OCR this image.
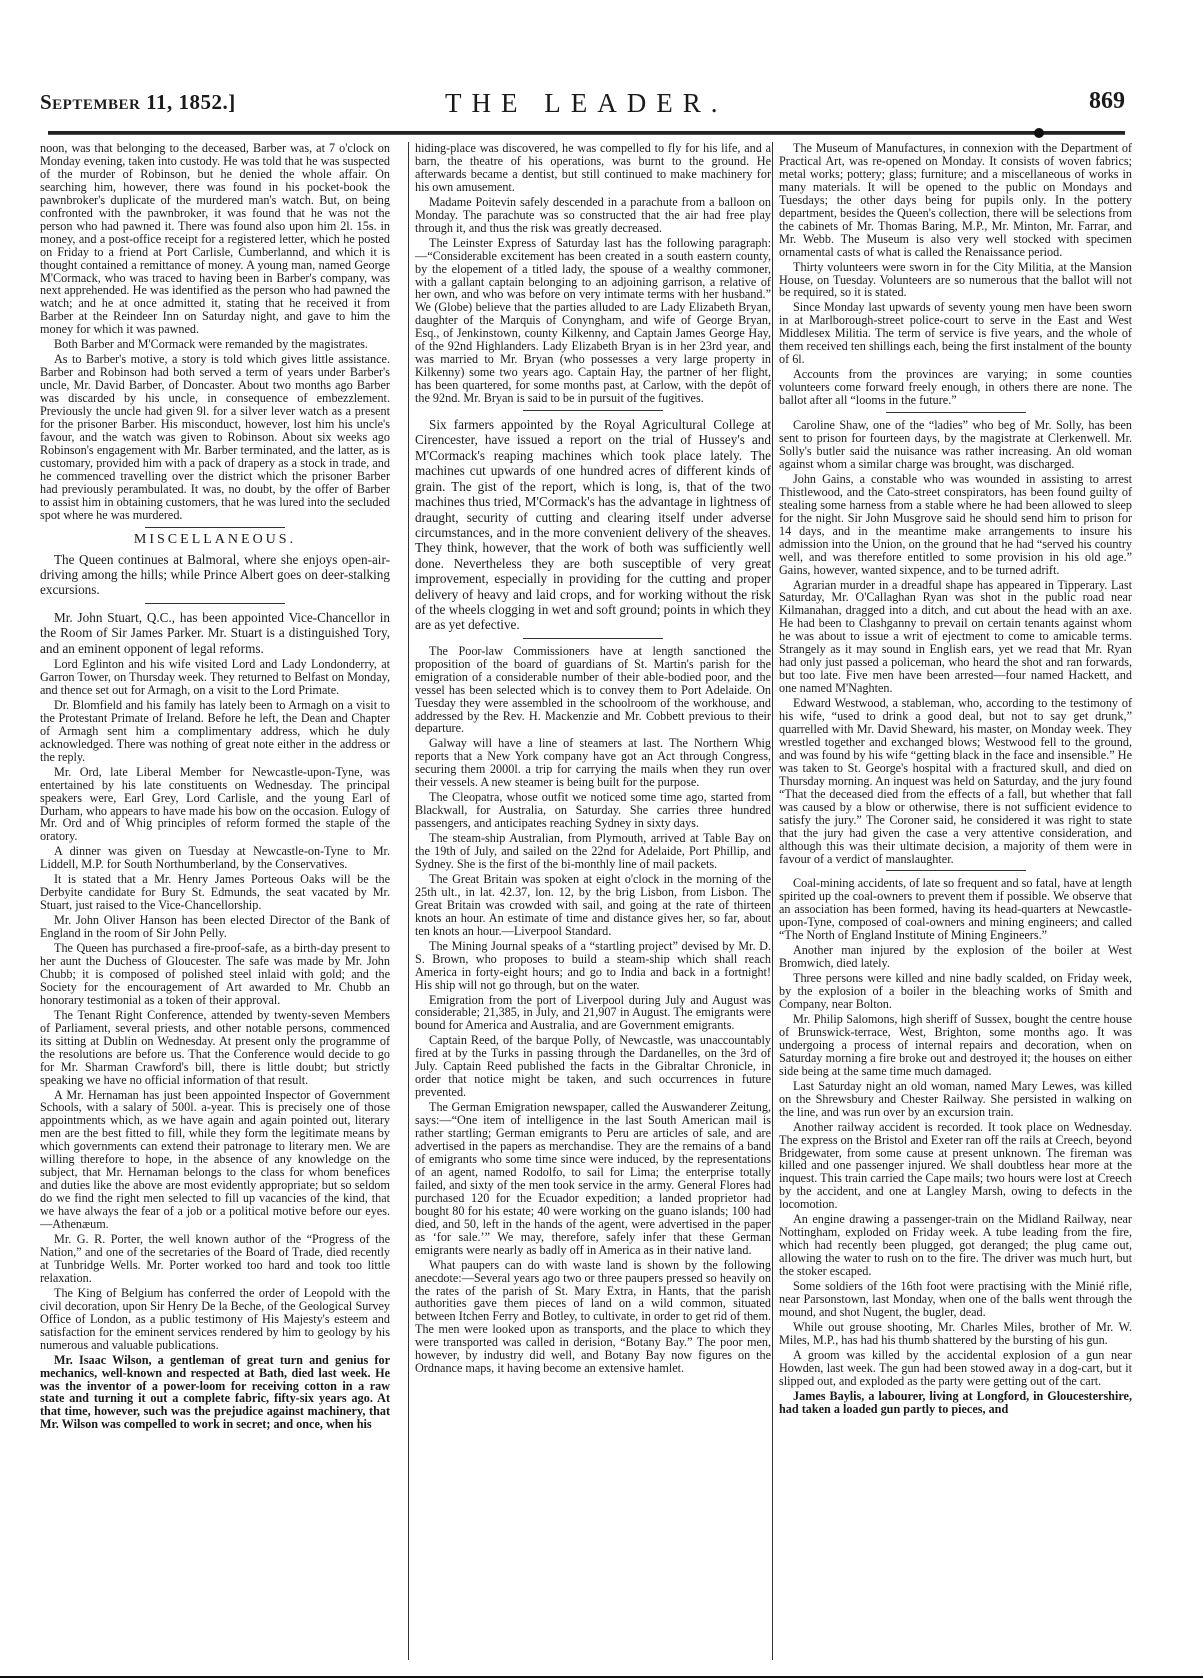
September 11, 1852.]	THE LEADER.	869

noon, was that belonging to the deceased, Barber was, at 7 o'clock on Monday evening, taken into custody. He was told that he was suspected of the murder of Robinson, but he denied the whole affair. On searching him, however, there was found in his pocket-book the pawnbroker's duplicate of the murdered man's watch. But, on being confronted with the pawnbroker, it was found that he was not the person who had pawned it. There was found also upon him 2l. 15s. in money, and a post-office receipt for a registered letter, which he posted on Friday to a friend at Port Carlisle, Cumberlannd, and which it is thought contained a remittance of money. A young man, named George M'Cormack, who was traced to having been in Barber's company, was next apprehended. He was identified as the person who had pawned the watch; and he at once admitted it, stating that he received it from Barber at the Reindeer Inn on Saturday night, and gave to him the money for which it was pawned.

Both Barber and M'Cormack were remanded by the magistrates.

As to Barber's motive, a story is told which gives little assistance. Barber and Robinson had both served a term of years under Barber's uncle, Mr. David Barber, of Doncaster. About two months ago Barber was discarded by his uncle, in consequence of embezzlement. Previously the uncle had given 9l. for a silver lever watch as a present for the prisoner Barber. His misconduct, however, lost him his uncle's favour, and the watch was given to Robinson. About six weeks ago Robinson's engagement with Mr. Barber terminated, and the latter, as is customary, provided him with a pack of drapery as a stock in trade, and he commenced travelling over the district which the prisoner Barber had previously perambulated. It was, no doubt, by the offer of Barber to assist him in obtaining customers, that he was lured into the secluded spot where he was murdered.

MISCELLANEOUS.

The Queen continues at Balmoral, where she enjoys open-air-driving among the hills; while Prince Albert goes on deer-stalking excursions.

Mr. John Stuart, Q.C., has been appointed Vice-Chancellor in the Room of Sir James Parker. Mr. Stuart is a distinguished Tory, and an eminent opponent of legal reforms.

Lord Eglinton and his wife visited Lord and Lady Londonderry, at Garron Tower, on Thursday week. They returned to Belfast on Monday, and thence set out for Armagh, on a visit to the Lord Primate.

Dr. Blomfield and his family has lately been to Armagh on a visit to the Protestant Primate of Ireland. Before he left, the Dean and Chapter of Armagh sent him a complimentary address, which he duly acknowledged. There was nothing of great note either in the address or the reply.

Mr. Ord, late Liberal Member for Newcastle-upon-Tyne, was entertained by his late constituents on Wednesday. The principal speakers were, Earl Grey, Lord Carlisle, and the young Earl of Durham, who appears to have made his bow on the occasion. Eulogy of Mr. Ord and of Whig principles of reform formed the staple of the oratory.

A dinner was given on Tuesday at Newcastle-on-Tyne to Mr. Liddell, M.P. for South Northumberland, by the Conservatives.

It is stated that a Mr. Henry James Porteous Oaks will be the Derbyite candidate for Bury St. Edmunds, the seat vacated by Mr. Stuart, just raised to the Vice-Chancellorship.

Mr. John Oliver Hanson has been elected Director of the Bank of England in the room of Sir John Pelly.

The Queen has purchased a fire-proof-safe, as a birth-day present to her aunt the Duchess of Gloucester. The safe was made by Mr. John Chubb; it is composed of polished steel inlaid with gold; and the Society for the encouragement of Art awarded to Mr. Chubb an honorary testimonial as a token of their approval.

The Tenant Right Conference, attended by twenty-seven Members of Parliament, several priests, and other notable persons, commenced its sitting at Dublin on Wednesday. At present only the programme of the resolutions are before us. That the Conference would decide to go for Mr. Sharman Crawford's bill, there is little doubt; but strictly speaking we have no official information of that result.

A Mr. Hernaman has just been appointed Inspector of Government Schools, with a salary of 500l. a-year. This is precisely one of those appointments which, as we have again and again pointed out, literary men are the best fitted to fill, while they form the legitimate means by which governments can extend their patronage to literary men. We are willing therefore to hope, in the absence of any knowledge on the subject, that Mr. Hernaman belongs to the class for whom benefices and duties like the above are most evidently appropriate; but so seldom do we find the right men selected to fill up vacancies of the kind, that we have always the fear of a job or a political motive before our eyes.—Athenæum.

Mr. G. R. Porter, the well known author of the “Progress of the Nation,” and one of the secretaries of the Board of Trade, died recently at Tunbridge Wells. Mr. Porter worked too hard and took too little relaxation.

The King of Belgium has conferred the order of Leopold with the civil decoration, upon Sir Henry De la Beche, of the Geological Survey Office of London, as a public testimony of His Majesty's esteem and satisfaction for the eminent services rendered by him to geology by his numerous and valuable publications.

Mr. Isaac Wilson, a gentleman of great turn and genius for mechanics, well-known and respected at Bath, died last week. He was the inventor of a power-loom for receiving cotton in a raw state and turning it out a complete fabric, fifty-six years ago. At that time, however, such was the prejudice against machinery, that Mr. Wilson was compelled to work in secret; and once, when his

hiding-place was discovered, he was compelled to fly for his life, and a barn, the theatre of his operations, was burnt to the ground. He afterwards became a dentist, but still continued to make machinery for his own amusement.

Madame Poitevin safely descended in a parachute from a balloon on Monday. The parachute was so constructed that the air had free play through it, and thus the risk was greatly decreased.

The Leinster Express of Saturday last has the following paragraph:—“Considerable excitement has been created in a south eastern county, by the elopement of a titled lady, the spouse of a wealthy commoner, with a gallant captain belonging to an adjoining garrison, a relative of her own, and who was before on very intimate terms with her husband.” We (Globe) believe that the parties alluded to are Lady Elizabeth Bryan, daughter of the Marquis of Conyngham, and wife of George Bryan, Esq., of Jenkinstown, county Kilkenny, and Captain James George Hay, of the 92nd Highlanders. Lady Elizabeth Bryan is in her 23rd year, and was married to Mr. Bryan (who possesses a very large property in Kilkenny) some two years ago. Captain Hay, the partner of her flight, has been quartered, for some months past, at Carlow, with the depôt of the 92nd. Mr. Bryan is said to be in pursuit of the fugitives.

Six farmers appointed by the Royal Agricultural College at Cirencester, have issued a report on the trial of Hussey's and M'Cormack's reaping machines which took place lately. The machines cut upwards of one hundred acres of different kinds of grain. The gist of the report, which is long, is, that of the two machines thus tried, M'Cormack's has the advantage in lightness of draught, security of cutting and clearing itself under adverse circumstances, and in the more convenient delivery of the sheaves. They think, however, that the work of both was sufficiently well done. Nevertheless they are both susceptible of very great improvement, especially in providing for the cutting and proper delivery of heavy and laid crops, and for working without the risk of the wheels clogging in wet and soft ground; points in which they are as yet defective.

The Poor-law Commissioners have at length sanctioned the proposition of the board of guardians of St. Martin's parish for the emigration of a considerable number of their able-bodied poor, and the vessel has been selected which is to convey them to Port Adelaide. On Tuesday they were assembled in the schoolroom of the workhouse, and addressed by the Rev. H. Mackenzie and Mr. Cobbett previous to their departure.

Galway will have a line of steamers at last. The Northern Whig reports that a New York company have got an Act through Congress, securing them 2000l. a trip for carrying the mails when they run over their vessels. A new steamer is being built for the purpose.

The Cleopatra, whose outfit we noticed some time ago, started from Blackwall, for Australia, on Saturday. She carries three hundred passengers, and anticipates reaching Sydney in sixty days.

The steam-ship Australian, from Plymouth, arrived at Table Bay on the 19th of July, and sailed on the 22nd for Adelaide, Port Phillip, and Sydney. She is the first of the bi-monthly line of mail packets.

The Great Britain was spoken at eight o'clock in the morning of the 25th ult., in lat. 42.37, lon. 12, by the brig Lisbon, from Lisbon. The Great Britain was crowded with sail, and going at the rate of thirteen knots an hour. An estimate of time and distance gives her, so far, about ten knots an hour.—Liverpool Standard.

The Mining Journal speaks of a “startling project” devised by Mr. D. S. Brown, who proposes to build a steam-ship which shall reach America in forty-eight hours; and go to India and back in a fortnight! His ship will not go through, but on the water.

Emigration from the port of Liverpool during July and August was considerable; 21,385, in July, and 21,907 in August. The emigrants were bound for America and Australia, and are Government emigrants.

Captain Reed, of the barque Polly, of Newcastle, was unaccountably fired at by the Turks in passing through the Dardanelles, on the 3rd of July. Captain Reed published the facts in the Gibraltar Chronicle, in order that notice might be taken, and such occurrences in future prevented.

The German Emigration newspaper, called the Auswanderer Zeitung, says:—“One item of intelligence in the last South American mail is rather startling; German emigrants to Peru are articles of sale, and are advertised in the papers as merchandise. They are the remains of a band of emigrants who some time since were induced, by the representations of an agent, named Rodolfo, to sail for Lima; the enterprise totally failed, and sixty of the men took service in the army. General Flores had purchased 120 for the Ecuador expedition; a landed proprietor had bought 80 for his estate; 40 were working on the guano islands; 100 had died, and 50, left in the hands of the agent, were advertised in the paper as ‘for sale.’” We may, therefore, safely infer that these German emigrants were nearly as badly off in America as in their native land.

What paupers can do with waste land is shown by the following anecdote:—Several years ago two or three paupers pressed so heavily on the rates of the parish of St. Mary Extra, in Hants, that the parish authorities gave them pieces of land on a wild common, situated between Itchen Ferry and Botley, to cultivate, in order to get rid of them. The men were looked upon as transports, and the place to which they were transported was called in derision, “Botany Bay.” The poor men, however, by industry did well, and Botany Bay now figures on the Ordnance maps, it having become an extensive hamlet.

The Museum of Manufactures, in connexion with the Department of Practical Art, was re-opened on Monday. It consists of woven fabrics; metal works; pottery; glass; furniture; and a miscellaneous of works in many materials. It will be opened to the public on Mondays and Tuesdays; the other days being for pupils only. In the pottery department, besides the Queen's collection, there will be selections from the cabinets of Mr. Thomas Baring, M.P., Mr. Minton, Mr. Farrar, and Mr. Webb. The Museum is also very well stocked with specimen ornamental casts of what is called the Renaissance period.

Thirty volunteers were sworn in for the City Militia, at the Mansion House, on Tuesday. Volunteers are so numerous that the ballot will not be required, so it is stated.

Since Monday last upwards of seventy young men have been sworn in at Marlborough-street police-court to serve in the East and West Middlesex Militia. The term of service is five years, and the whole of them received ten shillings each, being the first instalment of the bounty of 6l.

Accounts from the provinces are varying; in some counties volunteers come forward freely enough, in others there are none. The ballot after all “looms in the future.”

Caroline Shaw, one of the “ladies” who beg of Mr. Solly, has been sent to prison for fourteen days, by the magistrate at Clerkenwell. Mr. Solly's butler said the nuisance was rather increasing. An old woman against whom a similar charge was brought, was discharged.

John Gains, a constable who was wounded in assisting to arrest Thistlewood, and the Cato-street conspirators, has been found guilty of stealing some harness from a stable where he had been allowed to sleep for the night. Sir John Musgrove said he should send him to prison for 14 days, and in the meantime make arrangements to insure his admission into the Union, on the ground that he had “served his country well, and was therefore entitled to some provision in his old age.” Gains, however, wanted sixpence, and to be turned adrift.

Agrarian murder in a dreadful shape has appeared in Tipperary. Last Saturday, Mr. O'Callaghan Ryan was shot in the public road near Kilmanahan, dragged into a ditch, and cut about the head with an axe. He had been to Clashganny to prevail on certain tenants against whom he was about to issue a writ of ejectment to come to amicable terms. Strangely as it may sound in English ears, yet we read that Mr. Ryan had only just passed a policeman, who heard the shot and ran forwards, but too late. Five men have been arrested—four named Hackett, and one named M'Naghten.

Edward Westwood, a stableman, who, according to the testimony of his wife, “used to drink a good deal, but not to say get drunk,” quarrelled with Mr. David Sheward, his master, on Monday week. They wrestled together and exchanged blows; Westwood fell to the ground, and was found by his wife “getting black in the face and insensible.” He was taken to St. George's hospital with a fractured skull, and died on Thursday morning. An inquest was held on Saturday, and the jury found “That the deceased died from the effects of a fall, but whether that fall was caused by a blow or otherwise, there is not sufficient evidence to satisfy the jury.” The Coroner said, he considered it was right to state that the jury had given the case a very attentive consideration, and although this was their ultimate decision, a majority of them were in favour of a verdict of manslaughter.

Coal-mining accidents, of late so frequent and so fatal, have at length spirited up the coal-owners to prevent them if possible. We observe that an association has been formed, having its head-quarters at Newcastle-upon-Tyne, composed of coal-owners and mining engineers; and called “The North of England Institute of Mining Engineers.”

Another man injured by the explosion of the boiler at West Bromwich, died lately.

Three persons were killed and nine badly scalded, on Friday week, by the explosion of a boiler in the bleaching works of Smith and Company, near Bolton.

Mr. Philip Salomons, high sheriff of Sussex, bought the centre house of Brunswick-terrace, West, Brighton, some months ago. It was undergoing a process of internal repairs and decoration, when on Saturday morning a fire broke out and destroyed it; the houses on either side being at the same time much damaged.

Last Saturday night an old woman, named Mary Lewes, was killed on the Shrewsbury and Chester Railway. She persisted in walking on the line, and was run over by an excursion train.

Another railway accident is recorded. It took place on Wednesday. The express on the Bristol and Exeter ran off the rails at Creech, beyond Bridgewater, from some cause at present unknown. The fireman was killed and one passenger injured. We shall doubtless hear more at the inquest. This train carried the Cape mails; two hours were lost at Creech by the accident, and one at Langley Marsh, owing to defects in the locomotion.

An engine drawing a passenger-train on the Midland Railway, near Nottingham, exploded on Friday week. A tube leading from the fire, which had recently been plugged, got deranged; the plug came out, allowing the water to rush on to the fire. The driver was much hurt, but the stoker escaped.

Some soldiers of the 16th foot were practising with the Minié rifle, near Parsonstown, last Monday, when one of the balls went through the mound, and shot Nugent, the bugler, dead.

While out grouse shooting, Mr. Charles Miles, brother of Mr. W. Miles, M.P., has had his thumb shattered by the bursting of his gun.

A groom was killed by the accidental explosion of a gun near Howden, last week. The gun had been stowed away in a dog-cart, but it slipped out, and exploded as the party were getting out of the cart.

James Baylis, a labourer, living at Longford, in Gloucestershire, had taken a loaded gun partly to pieces, and
